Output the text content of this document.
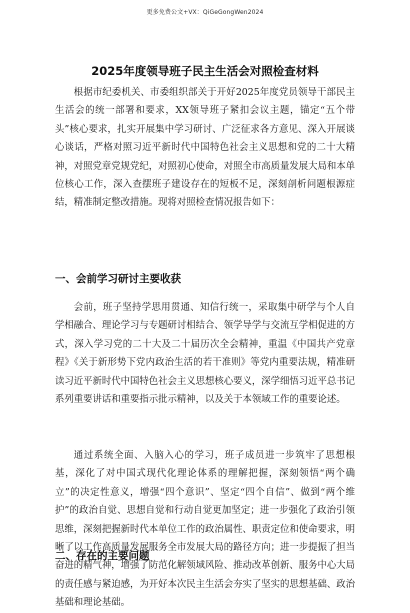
更多免费公文+VX：QiGeGongWen2024
2025年度领导班子民主生活会对照检查材料

根据市纪委机关、市委组织部关于开好2025年度党员领导干部民主生活会的统一部署和要求，XX领导班子紧扣会议主题，锚定“五个带头”核心要求，扎实开展集中学习研讨、广泛征求各方意见、深入开展谈心谈话，严格对照习近平新时代中国特色社会主义思想和党的二十大精神，对照党章党规党纪，对照初心使命，对照全市高质量发展大局和本单位核心工作，深入查摆班子建设存在的短板不足，深刻剖析问题根源症结，精准制定整改措施。现将对照检查情况报告如下：

一、会前学习研讨主要收获

会前，班子坚持学思用贯通、知信行统一，采取集中研学与个人自学相融合、理论学习与专题研讨相结合、领学导学与交流互学相促进的方式，深入学习党的二十大及二十届历次全会精神，重温《中国共产党章程》《关于新形势下党内政治生活的若干准则》等党内重要法规，精准研读习近平新时代中国特色社会主义思想核心要义，深学细悟习近平总书记系列重要讲话和重要指示批示精神，以及关于本领域工作的重要论述。

通过系统全面、入脑入心的学习，班子成员进一步筑牢了思想根基，深化了对中国式现代化理论体系的理解把握，深刻领悟“两个确立”的决定性意义，增强“四个意识”、坚定“四个自信”、做到“两个维护”的政治自觉、思想自觉和行动自觉更加坚定；进一步强化了政治引领思维，深刻把握新时代本单位工作的政治属性、职责定位和使命要求，明晰了以工作高质量发展服务全市发展大局的路径方向；进一步提振了担当奋进的精气神，增强了防范化解领域风险、推动改革创新、服务中心大局的责任感与紧迫感，为开好本次民主生活会夯实了坚实的思想基础、政治基础和理论基础。

二、存在的主要问题
